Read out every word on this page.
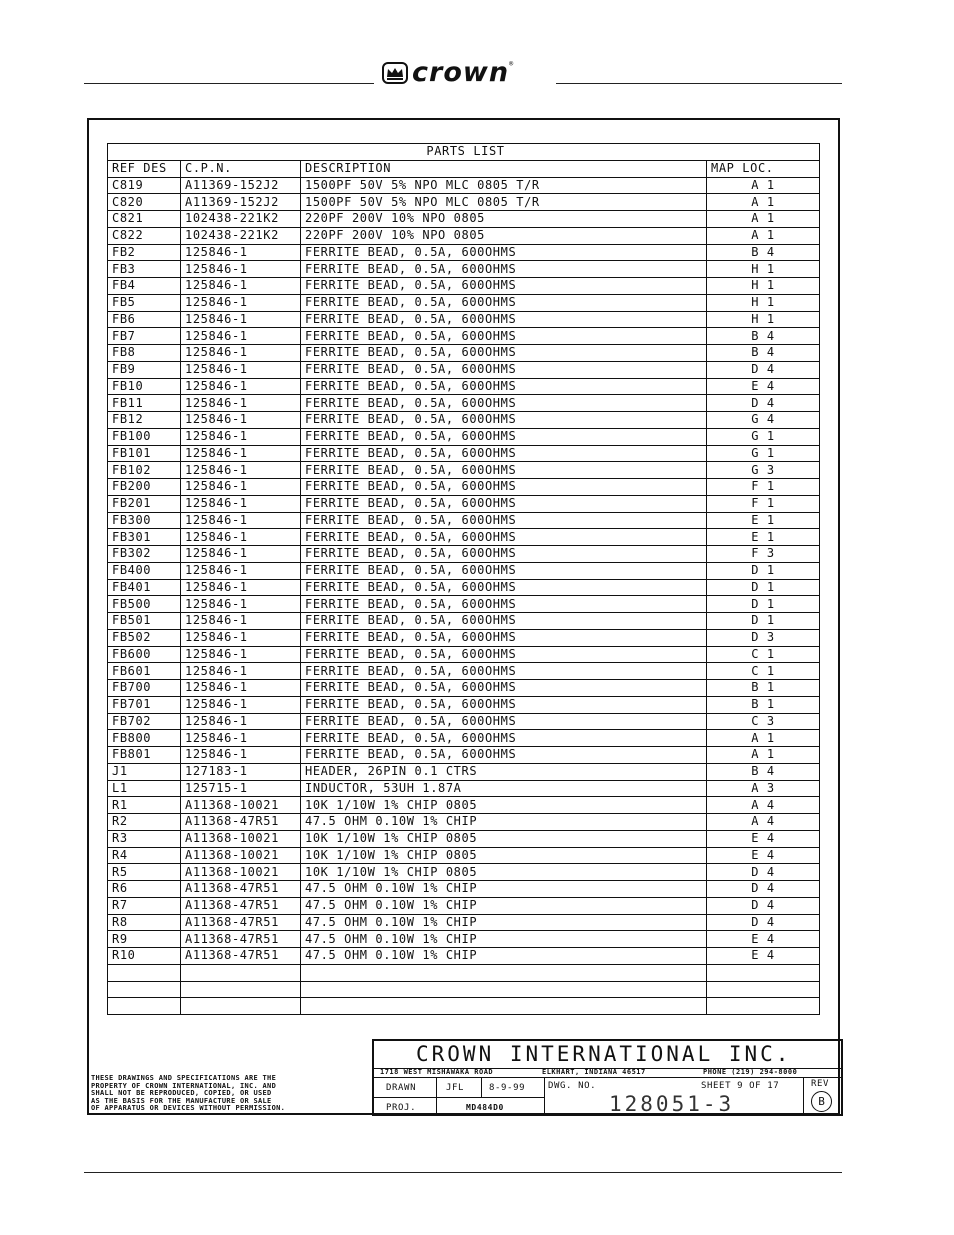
crown ®
PARTS LIST			
REF DES	C.P.N.	DESCRIPTION	MAP LOC.
C819	A11369-152J2	1500PF 50V 5% NPO MLC 0805 T/R	A 1
C820	A11369-152J2	1500PF 50V 5% NPO MLC 0805 T/R	A 1
C821	102438-221K2	220PF 200V 10% NPO 0805	A 1
C822	102438-221K2	220PF 200V 10% NPO 0805	A 1
FB2	125846-1	FERRITE BEAD, 0.5A, 600OHMS	B 4
FB3	125846-1	FERRITE BEAD, 0.5A, 600OHMS	H 1
FB4	125846-1	FERRITE BEAD, 0.5A, 600OHMS	H 1
FB5	125846-1	FERRITE BEAD, 0.5A, 600OHMS	H 1
FB6	125846-1	FERRITE BEAD, 0.5A, 600OHMS	H 1
FB7	125846-1	FERRITE BEAD, 0.5A, 600OHMS	B 4
FB8	125846-1	FERRITE BEAD, 0.5A, 600OHMS	B 4
FB9	125846-1	FERRITE BEAD, 0.5A, 600OHMS	D 4
FB10	125846-1	FERRITE BEAD, 0.5A, 600OHMS	E 4
FB11	125846-1	FERRITE BEAD, 0.5A, 600OHMS	D 4
FB12	125846-1	FERRITE BEAD, 0.5A, 600OHMS	G 4
FB100	125846-1	FERRITE BEAD, 0.5A, 600OHMS	G 1
FB101	125846-1	FERRITE BEAD, 0.5A, 600OHMS	G 1
FB102	125846-1	FERRITE BEAD, 0.5A, 600OHMS	G 3
FB200	125846-1	FERRITE BEAD, 0.5A, 600OHMS	F 1
FB201	125846-1	FERRITE BEAD, 0.5A, 600OHMS	F 1
FB300	125846-1	FERRITE BEAD, 0.5A, 600OHMS	E 1
FB301	125846-1	FERRITE BEAD, 0.5A, 600OHMS	E 1
FB302	125846-1	FERRITE BEAD, 0.5A, 600OHMS	F 3
FB400	125846-1	FERRITE BEAD, 0.5A, 600OHMS	D 1
FB401	125846-1	FERRITE BEAD, 0.5A, 600OHMS	D 1
FB500	125846-1	FERRITE BEAD, 0.5A, 600OHMS	D 1
FB501	125846-1	FERRITE BEAD, 0.5A, 600OHMS	D 1
FB502	125846-1	FERRITE BEAD, 0.5A, 600OHMS	D 3
FB600	125846-1	FERRITE BEAD, 0.5A, 600OHMS	C 1
FB601	125846-1	FERRITE BEAD, 0.5A, 600OHMS	C 1
FB700	125846-1	FERRITE BEAD, 0.5A, 600OHMS	B 1
FB701	125846-1	FERRITE BEAD, 0.5A, 600OHMS	B 1
FB702	125846-1	FERRITE BEAD, 0.5A, 600OHMS	C 3
FB800	125846-1	FERRITE BEAD, 0.5A, 600OHMS	A 1
FB801	125846-1	FERRITE BEAD, 0.5A, 600OHMS	A 1
J1	127183-1	HEADER, 26PIN 0.1 CTRS	B 4
L1	125715-1	INDUCTOR, 53UH 1.87A	A 3
R1	A11368-10021	10K 1/10W 1% CHIP 0805	A 4
R2	A11368-47R51	47.5 OHM 0.10W 1% CHIP	A 4
R3	A11368-10021	10K 1/10W 1% CHIP 0805	E 4
R4	A11368-10021	10K 1/10W 1% CHIP 0805	E 4
R5	A11368-10021	10K 1/10W 1% CHIP 0805	D 4
R6	A11368-47R51	47.5 OHM 0.10W 1% CHIP	D 4
R7	A11368-47R51	47.5 OHM 0.10W 1% CHIP	D 4
R8	A11368-47R51	47.5 OHM 0.10W 1% CHIP	D 4
R9	A11368-47R51	47.5 OHM 0.10W 1% CHIP	E 4
R10	A11368-47R51	47.5 OHM 0.10W 1% CHIP	E 4

THESE DRAWINGS AND SPECIFICATIONS ARE THE
PROPERTY OF CROWN INTERNATIONAL, INC. AND
SHALL NOT BE REPRODUCED, COPIED, OR USED
AS THE BASIS FOR THE MANUFACTURE OR SALE
OF APPARATUS OR DEVICES WITHOUT PERMISSION.
CROWN INTERNATIONAL INC.
1718 WEST MISHAWAKA ROAD	ELKHART, INDIANA 46517	PHONE (219) 294-8000
DRAWN	JFL	8-9-99
PROJ.	MD484D0
DWG. NO.	SHEET 9 OF 17	REV
B
128051-3
